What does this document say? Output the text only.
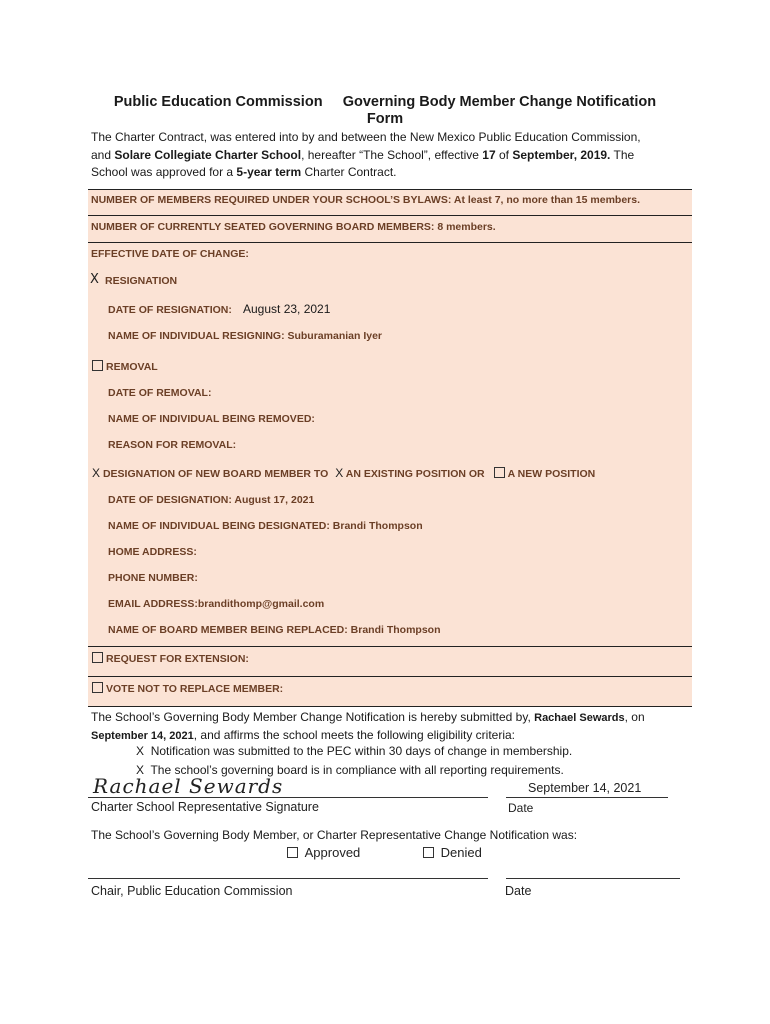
Public Education Commission Governing Body Member Change Notification
Form
The Charter Contract, was entered into by and between the New Mexico Public Education Commission,
and Solare Collegiate Charter School, hereafter “The School”, effective 17 of September, 2019. The
School was approved for a 5-year term Charter Contract.
NUMBER OF MEMBERS REQUIRED UNDER YOUR SCHOOL’S BYLAWS: At least 7, no more than 15 members.
NUMBER OF CURRENTLY SEATED GOVERNING BOARD MEMBERS: 8 members.
EFFECTIVE DATE OF CHANGE:
X RESIGNATION
DATE OF RESIGNATION: August 23, 2021
NAME OF INDIVIDUAL RESIGNING: Suburamanian Iyer
REMOVAL
DATE OF REMOVAL:
NAME OF INDIVIDUAL BEING REMOVED:
REASON FOR REMOVAL:
X DESIGNATION OF NEW BOARD MEMBER TO X AN EXISTING POSITION OR A NEW POSITION
DATE OF DESIGNATION: August 17, 2021
NAME OF INDIVIDUAL BEING DESIGNATED: Brandi Thompson
HOME ADDRESS:
PHONE NUMBER:
EMAIL ADDRESS:brandithomp@gmail.com
NAME OF BOARD MEMBER BEING REPLACED: Brandi Thompson
REQUEST FOR EXTENSION:
VOTE NOT TO REPLACE MEMBER:
The School’s Governing Body Member Change Notification is hereby submitted by, Rachael Sewards, on
September 14, 2021, and affirms the school meets the following eligibility criteria:
X Notification was submitted to the PEC within 30 days of change in membership.
X The school’s governing board is in compliance with all reporting requirements.
Rachael Sewards	September 14, 2021
Charter School Representative Signature	Date
The School’s Governing Body Member, or Charter Representative Change Notification was:
Approved	Denied
Chair, Public Education Commission	Date
